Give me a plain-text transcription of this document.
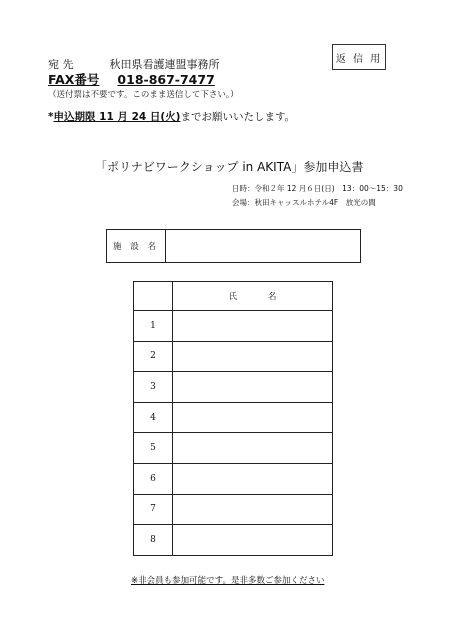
返 信 用
宛 先	秋田県看護連盟事務所
FAX番号 018-867-7477
（送付票は不要です。このまま送信して下さい。）
*申込期限 11 月 24 日(火)までお願いいたします。
「ポリナビワークショップ in AKITA」参加申込書
日時：令和２年 12 月６日(日)　13：00～15：30
会場：秋田キャッスルホテル4F　放光の間
施 設 名
	氏 名
1	
2	
3	
4	
5	
6	
7	
8	
※非会員も参加可能です。是非多数ご参加ください
